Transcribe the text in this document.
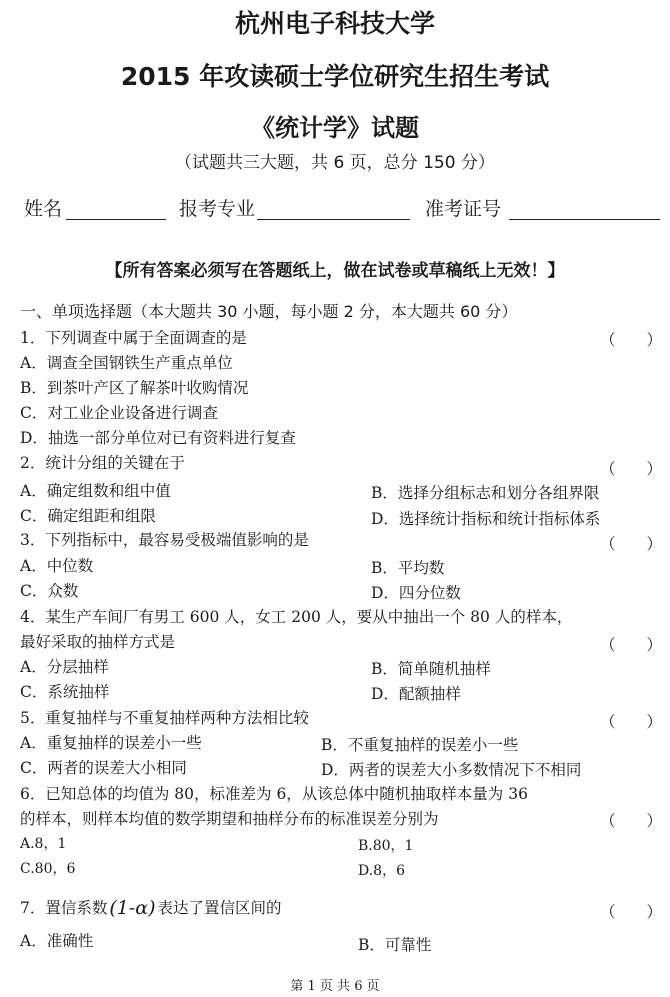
杭州电子科技大学
2015 年攻读硕士学位研究生招生考试
《统计学》试题
（试题共三大题，共 6 页，总分 150 分）
姓名	报考专业	准考证号
【所有答案必须写在答题纸上，做在试卷或草稿纸上无效！】
一、单项选择题（本大题共 30 小题，每小题 2 分，本大题共 60 分）
1．下列调查中属于全面调查的是	（　　）
A．调查全国钢铁生产重点单位
B．到茶叶产区了解茶叶收购情况
C．对工业企业设备进行调查
D．抽选一部分单位对已有资料进行复查
2．统计分组的关键在于	（　　）
A．确定组数和组中值	B．选择分组标志和划分各组界限
C．确定组距和组限	D．选择统计指标和统计指标体系
3．下列指标中，最容易受极端值影响的是	（　　）
A．中位数	B．平均数
C．众数	D．四分位数
4．某生产车间厂有男工 600 人，女工 200 人，要从中抽出一个 80 人的样本，
最好采取的抽样方式是	（　　）
A．分层抽样	B．简单随机抽样
C．系统抽样	D．配额抽样
5．重复抽样与不重复抽样两种方法相比较	（　　）
A．重复抽样的误差小一些	B．不重复抽样的误差小一些
C．两者的误差大小相同	D．两者的误差大小多数情况下不相同
6．已知总体的均值为 80，标准差为 6，从该总体中随机抽取样本量为 36
的样本，则样本均值的数学期望和抽样分布的标准误差分别为	（　　）
A.8，1	B.80，1
C.80，6	D.8，6
7．置信系数 (1-α) 表达了置信区间的	（　　）
A．准确性	B．可靠性
第 1 页 共 6 页
